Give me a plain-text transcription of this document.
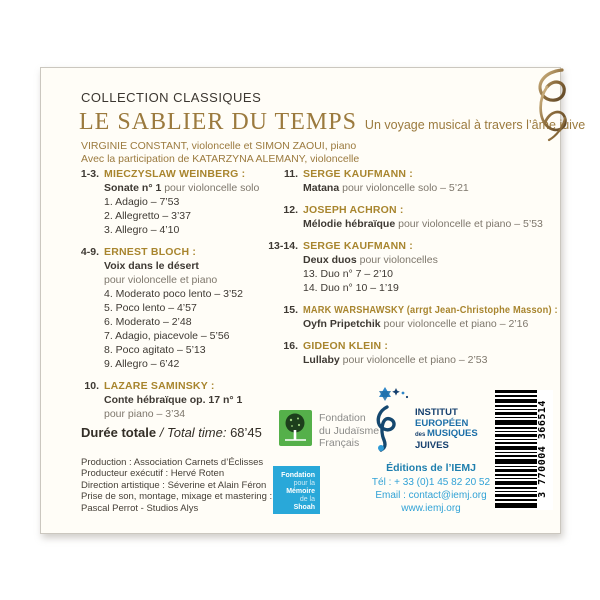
COLLECTION CLASSIQUES
LE SABLIER DU TEMPS Un voyage musical à travers l’âme juive
VIRGINIE CONSTANT, violoncelle et SIMON ZAOUI, piano
Avec la participation de KATARZYNA ALEMANY, violoncelle
1-3. MIECZYSLAW WEINBERG :
Sonate n° 1 pour violoncelle solo
1. Adagio – 7’53
2. Allegretto – 3’37
3. Allegro – 4’10
4-9. ERNEST BLOCH :
Voix dans le désert
pour violoncelle et piano
4. Moderato poco lento – 3’52
5. Poco lento – 4’57
6. Moderato – 2’48
7. Adagio, piacevole – 5’56
8. Poco agitato – 5’13
9. Allegro – 6’42
10. LAZARE SAMINSKY :
Conte hébraïque op. 17 n° 1
pour piano – 3’34
11. SERGE KAUFMANN :
Matana pour violoncelle solo – 5’21
12. JOSEPH ACHRON :
Mélodie hébraïque pour violoncelle et piano – 5’53
13-14. SERGE KAUFMANN :
Deux duos pour violoncelles
13. Duo n° 7 – 2’10
14. Duo n° 10 – 1’19
15. MARK WARSHAWSKY (arrgt Jean-Christophe Masson) :
Oyfn Pripetchik pour violoncelle et piano – 2’16
16. GIDEON KLEIN :
Lullaby pour violoncelle et piano – 2’53
Durée totale / Total time: 68’45
Production : Association Carnets d’Éclisses
Producteur exécutif : Hervé Roten
Direction artistique : Séverine et Alain Féron
Prise de son, montage, mixage et mastering :
Pascal Perrot - Studios Alys
Fondation
du Judaïsme
Français
INSTITUT
EUROPÉEN
des MUSIQUES
JUIVES
Fondation
pour la
Mémoire
de la
Shoah
Éditions de l’IEMJ
Tél : + 33 (0)1 45 82 20 52
Email : contact@iemj.org
www.iemj.org
3 770004 366514
